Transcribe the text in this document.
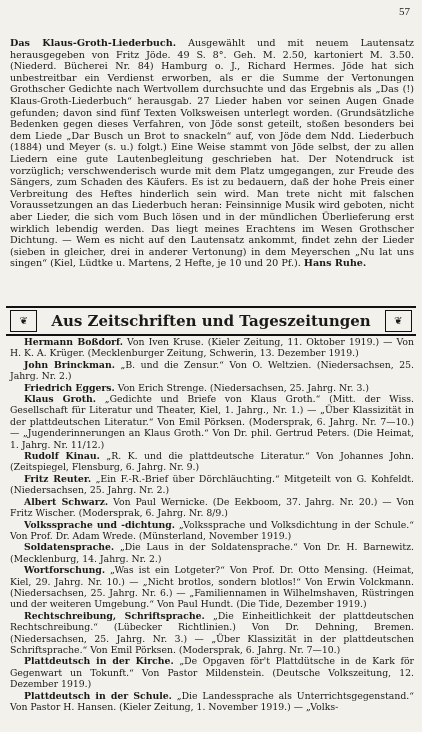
57
Das Klaus-Groth-Liederbuch. Ausgewählt und mit neuem Lautensatz herausgegeben von Fritz Jöde. 49 S. 8°. Geh. M. 2.50, kartoniert M. 3.50. (Niederd. Bücherei Nr. 84) Hamburg o. J., Richard Hermes. Jöde hat sich unbestreitbar ein Verdienst erworben, als er die Summe der Vertonungen Grothscher Gedichte nach Wertvollem durchsuchte und das Ergebnis als „Das (!) Klaus-Groth-Liederbuch“ herausgab. 27 Lieder haben vor seinen Augen Gnade gefunden; davon sind fünf Texten Volksweisen unterlegt worden. (Grundsätzliche Bedenken gegen dieses Verfahren, von Jöde sonst geteilt, stoßen besonders bei dem Liede „Dar Busch un Brot to snackeln“ auf, von Jöde dem Ndd. Liederbuch (1884) und Meyer (s. u.) folgt.) Eine Weise stammt von Jöde selbst, der zu allen Liedern eine gute Lautenbegleitung geschrieben hat. Der Notendruck ist vorzüglich; verschwenderisch wurde mit dem Platz umgegangen, zur Freude des Sängers, zum Schaden des Käufers. Es ist zu bedauern, daß der hohe Preis einer Verbreitung des Heftes hinderlich sein wird. Man trete nicht mit falschen Voraussetzungen an das Liederbuch heran: Feinsinnige Musik wird geboten, nicht aber Lieder, die sich vom Buch lösen und in der mündlichen Überlieferung erst wirklich lebendig werden. Das liegt meines Erachtens im Wesen Grothscher Dichtung. — Wem es nicht auf den Lautensatz ankommt, findet zehn der Lieder (sieben in gleicher, drei in anderer Vertonung) in dem Meyerschen „Nu lat uns singen“ (Kiel, Lüdtke u. Martens, 2 Hefte, je 10 und 20 Pf.). Hans Ruhe.
❦	Aus Zeitschriften und Tageszeitungen	❦

Hermann Boßdorf. Von Iven Kruse. (Kieler Zeitung, 11. Oktober 1919.) — Von H. K. A. Krüger. (Mecklenburger Zeitung, Schwerin, 13. Dezember 1919.)

John Brinckman. „B. und die Zensur.“ Von O. Weltzien. (Niedersachsen, 25. Jahrg. Nr. 2.)

Friedrich Eggers. Von Erich Strenge. (Niedersachsen, 25. Jahrg. Nr. 3.)

Klaus Groth. „Gedichte und Briefe von Klaus Groth.“ (Mitt. der Wiss. Gesellschaft für Literatur und Theater, Kiel, 1. Jahrg., Nr. 1.) — „Über Klassizität in der plattdeutschen Literatur.“ Von Emil Pörksen. (Modersprak, 6. Jahrg. Nr. 7—10.) — „Jugenderinnerungen an Klaus Groth.“ Von Dr. phil. Gertrud Peters. (Die Heimat, 1. Jahrg. Nr. 11/12.)

Rudolf Kinau. „R. K. und die plattdeutsche Literatur.“ Von Johannes John. (Zeitspiegel, Flensburg, 6. Jahrg. Nr. 9.)

Fritz Reuter. „Ein F.-R.-Brief über Dörchläuchting.“ Mitgeteilt von G. Kohfeldt. (Niedersachsen, 25. Jahrg. Nr. 2.)

Albert Schwarz. Von Paul Wernicke. (De Eekboom, 37. Jahrg. Nr. 20.) — Von Fritz Wischer. (Modersprak, 6. Jahrg. Nr. 8/9.)

Volkssprache und -dichtung. „Volkssprache und Volksdichtung in der Schule.“ Von Prof. Dr. Adam Wrede. (Münsterland, November 1919.)

Soldatensprache. „Die Laus in der Soldatensprache.“ Von Dr. H. Barnewitz. (Mecklenburg, 14. Jahrg. Nr. 2.)

Wortforschung. „Was ist ein Lotgeter?“ Von Prof. Dr. Otto Mensing. (Heimat, Kiel, 29. Jahrg. Nr. 10.) — „Nicht brotlos, sondern blotlos!“ Von Erwin Volckmann. (Niedersachsen, 25. Jahrg. Nr. 6.) — „Familiennamen in Wilhelmshaven, Rüstringen und der weiteren Umgebung.“ Von Paul Hundt. (Die Tide, Dezember 1919.)

Rechtschreibung, Schriftsprache. „Die Einheitlichkeit der plattdeutschen Rechtschreibung.“ (Lübecker Richtlinien.) Von Dr. Dehning, Bremen. (Niedersachsen, 25. Jahrg. Nr. 3.) — „Über Klassizität in der plattdeutschen Schriftsprache.“ Von Emil Pörksen. (Modersprak, 6. Jahrg. Nr. 7—10.)

Plattdeutsch in der Kirche. „De Opgaven för't Plattdütsche in de Kark för Gegenwart un Tokunft.“ Von Pastor Mildenstein. (Deutsche Volkszeitung, 12. Dezember 1919.)

Plattdeutsch in der Schule. „Die Landessprache als Unterrichtsgegenstand.“ Von Pastor H. Hansen. (Kieler Zeitung, 1. November 1919.) — „Volks-
